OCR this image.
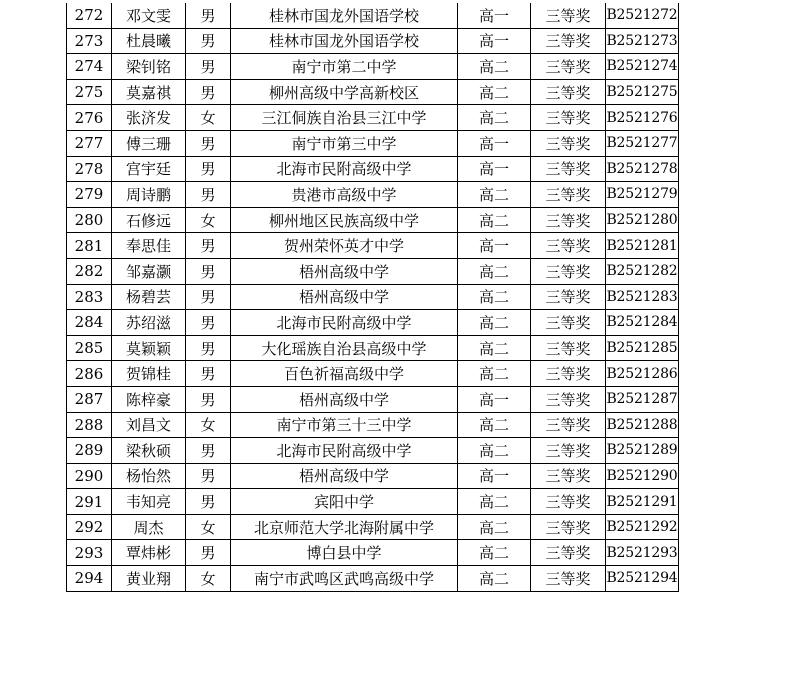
272	邓文雯	男	桂林市国龙外国语学校	高一	三等奖	B2521272
273	杜晨曦	男	桂林市国龙外国语学校	高一	三等奖	B2521273
274	梁钊铭	男	南宁市第二中学	高二	三等奖	B2521274
275	莫嘉祺	男	柳州高级中学高新校区	高二	三等奖	B2521275
276	张济发	女	三江侗族自治县三江中学	高二	三等奖	B2521276
277	傅三珊	男	南宁市第三中学	高一	三等奖	B2521277
278	宫宇廷	男	北海市民附高级中学	高一	三等奖	B2521278
279	周诗鹏	男	贵港市高级中学	高二	三等奖	B2521279
280	石修远	女	柳州地区民族高级中学	高二	三等奖	B2521280
281	奉思佳	男	贺州荣怀英才中学	高一	三等奖	B2521281
282	邹嘉灏	男	梧州高级中学	高二	三等奖	B2521282
283	杨碧芸	男	梧州高级中学	高二	三等奖	B2521283
284	苏绍滋	男	北海市民附高级中学	高二	三等奖	B2521284
285	莫颖颖	男	大化瑶族自治县高级中学	高二	三等奖	B2521285
286	贺锦桂	男	百色祈福高级中学	高二	三等奖	B2521286
287	陈梓豪	男	梧州高级中学	高一	三等奖	B2521287
288	刘昌文	女	南宁市第三十三中学	高二	三等奖	B2521288
289	梁秋硕	男	北海市民附高级中学	高二	三等奖	B2521289
290	杨怡然	男	梧州高级中学	高一	三等奖	B2521290
291	韦知亮	男	宾阳中学	高二	三等奖	B2521291
292	周杰	女	北京师范大学北海附属中学	高二	三等奖	B2521292
293	覃炜彬	男	博白县中学	高二	三等奖	B2521293
294	黄业翔	女	南宁市武鸣区武鸣高级中学	高二	三等奖	B2521294
